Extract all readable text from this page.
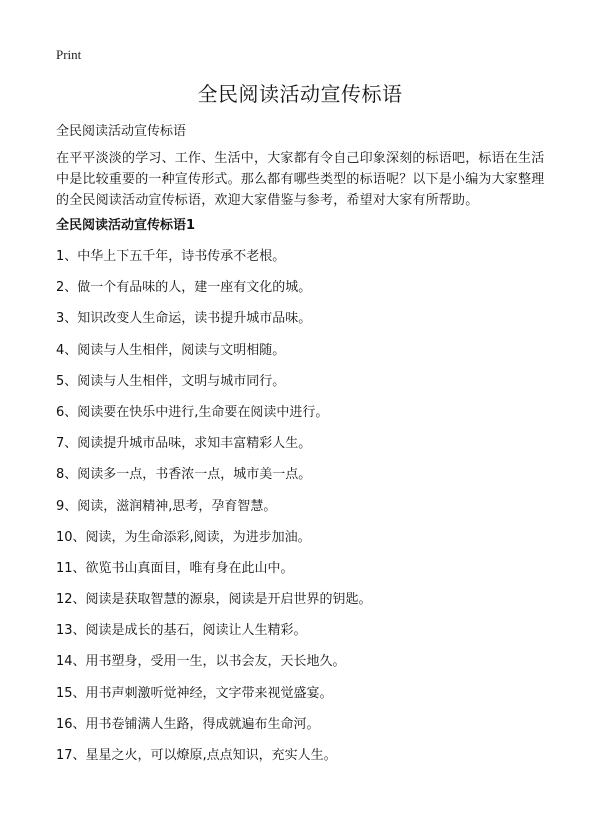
Print
全民阅读活动宣传标语

全民阅读活动宣传标语

在平平淡淡的学习、工作、生活中，大家都有令自己印象深刻的标语吧，标语在生活中是比较重要的一种宣传形式。那么都有哪些类型的标语呢？以下是小编为大家整理的全民阅读活动宣传标语，欢迎大家借鉴与参考，希望对大家有所帮助。

全民阅读活动宣传标语1
1、中华上下五千年，诗书传承不老根。
2、做一个有品味的人，建一座有文化的城。
3、知识改变人生命运，读书提升城市品味。
4、阅读与人生相伴，阅读与文明相随。
5、阅读与人生相伴，文明与城市同行。
6、阅读要在快乐中进行,生命要在阅读中进行。
7、阅读提升城市品味，求知丰富精彩人生。
8、阅读多一点，书香浓一点，城市美一点。
9、阅读，滋润精神,思考，孕育智慧。
10、阅读，为生命添彩,阅读，为进步加油。
11、欲览书山真面目，唯有身在此山中。
12、阅读是获取智慧的源泉，阅读是开启世界的钥匙。
13、阅读是成长的基石，阅读让人生精彩。
14、用书塑身，受用一生，以书会友，天长地久。
15、用书声刺激听觉神经，文字带来视觉盛宴。
16、用书卷铺满人生路，得成就遍布生命河。
17、星星之火，可以燎原,点点知识，充实人生。
